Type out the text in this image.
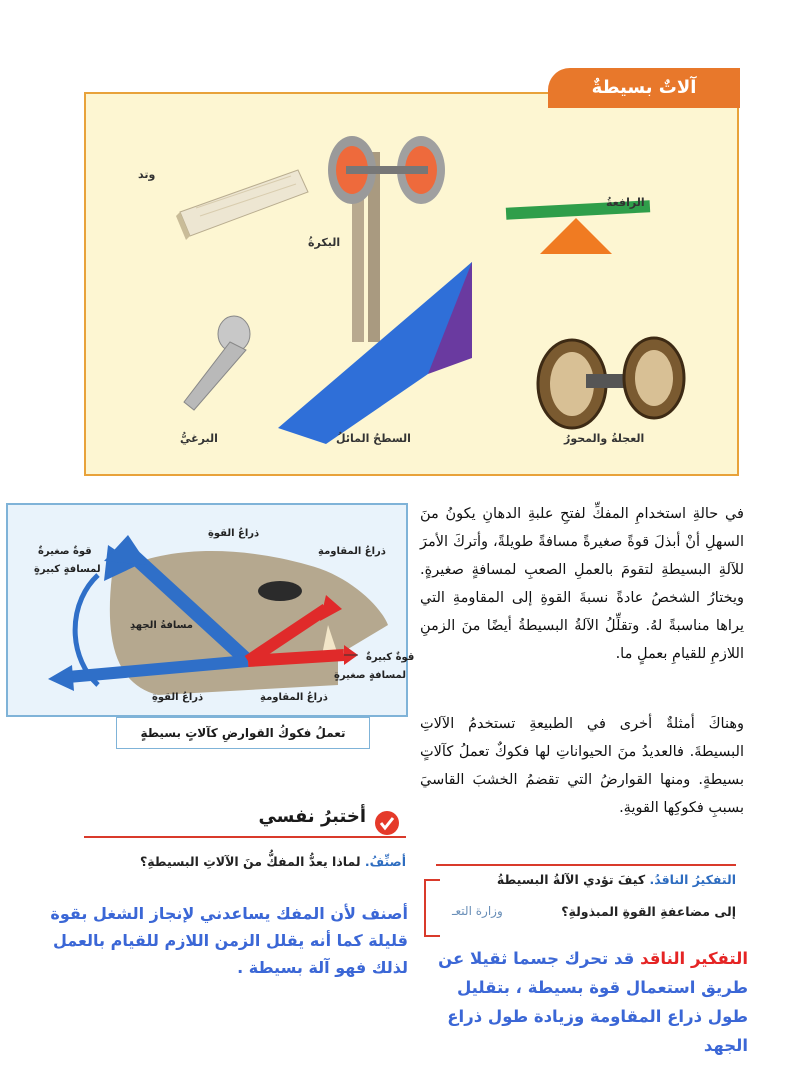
آلاتٌ بسيطةٌ
وتد
البكرةُ
الرافعةُ
البرغيُّ	السطحُ المائلُ	العجلةُ والمحورُ
في حالةِ استخدامِ المفكِّ لفتحِ علبةِ الدهانِ يكونُ منَ السهلِ أنْ أبذلَ قوةً صغيرةً مسافةً طويلةً، وأتركَ الأمرَ للآلةِ البسيطةِ لتقومَ بالعملِ الصعبِ لمسافةٍ صغيرةٍ. ويختارُ الشخصُ عادةً نسبةَ القوةِ إلى المقاومةِ التي يراها مناسبةً لهُ. وتقلِّلُ الآلةُ البسيطةُ أيضًا منَ الزمنِ اللازمِ للقيامِ بعملٍ ما.
وهناكَ أمثلةٌ أخرى في الطبيعةِ تستخدمُ الآلاتِ البسيطةَ. فالعديدُ منَ الحيواناتِ لها فكوكٌ تعملُ كآلاتٍ بسيطةٍ. ومنها القوارضُ التي تقضمُ الخشبَ القاسيَ بسببِ فكوكِها القويةِ.
ذراعُ القوةِ
قوةٌ صغيرةٌ
لمسافةٍ كبيرةٍ
ذراعُ المقاومةِ
مسافةُ الجهدِ
قوةٌ كبيرةٌ
لمسافةٍ صغيرةٍ
ذراعُ القوةِ	ذراعُ المقاومةِ
تعملُ فكوكُ القوارضِ كآلاتٍ بسيطةٍ
أختبرُ نفسي
أصنِّفُ. لماذا يعدُّ المفكُّ منَ الآلاتِ البسيطةِ؟
أصنف لأن المفك يساعدني لإنجاز الشغل بقوة قليلة كما أنه يقلل الزمن اللازم للقيام بالعمل لذلك فهو آلة بسيطة .
التفكيرُ الناقدُ. كيفَ تؤدي الآلةُ البسيطةُ
إلى مضاعفةِ القوةِ المبذولةِ؟
وزارة التعـ
التفكير الناقد قد تحرك جسما ثقيلا عن طريق استعمال قوة بسيطة ، بتقليل طول ذراع المقاومة وزيادة طول ذراع الجهد
